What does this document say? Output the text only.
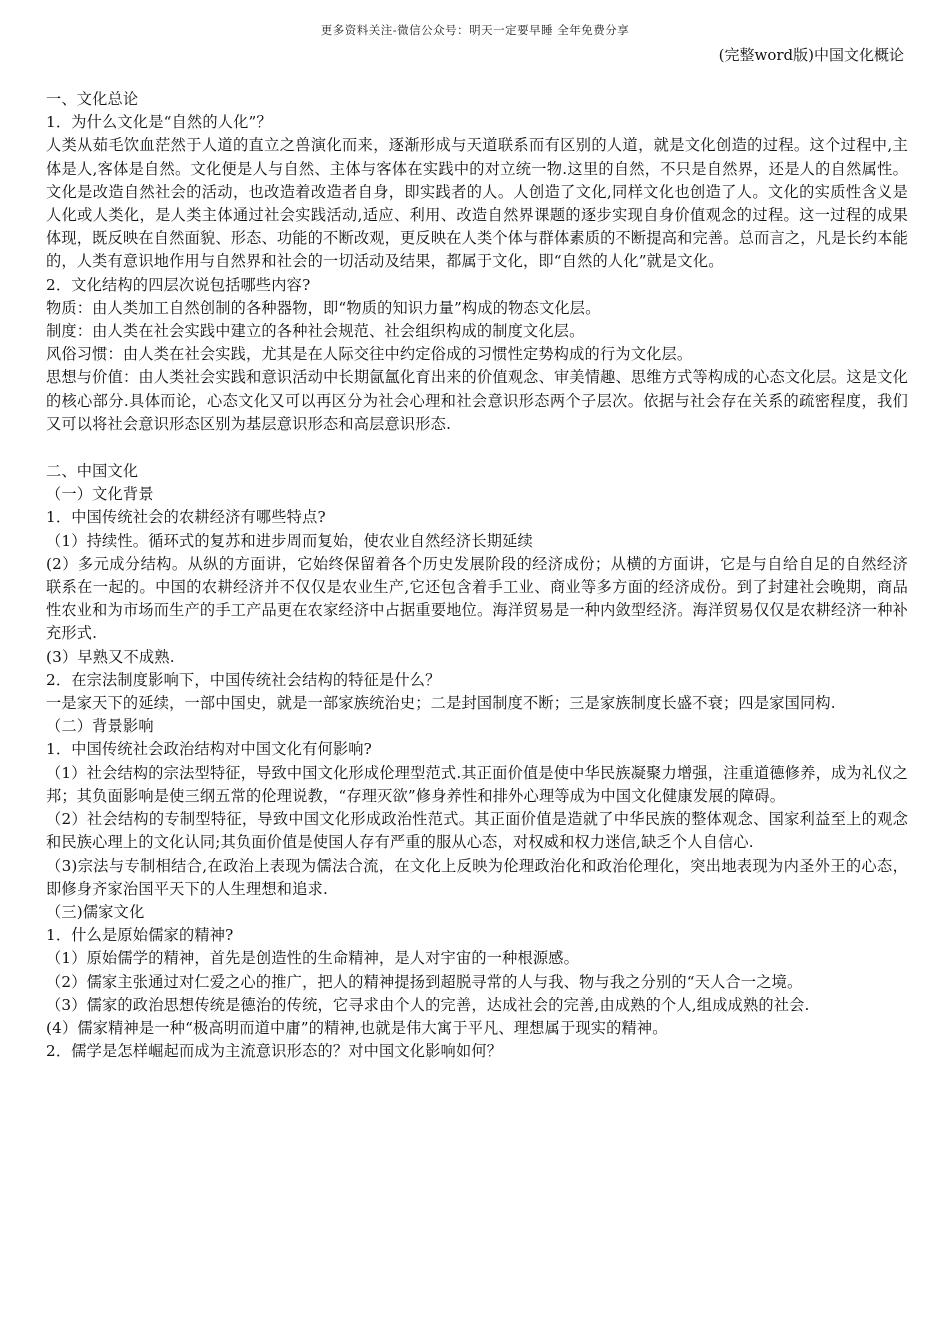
更多资料关注-微信公众号：明天一定要早睡 全年免费分享
(完整word版)中国文化概论

一、文化总论

1．为什么文化是“自然的人化”？

人类从茹毛饮血茫然于人道的直立之兽演化而来，逐渐形成与天道联系而有区别的人道，就是文化创造的过程。这个过程中,主体是人,客体是自然。文化便是人与自然、主体与客体在实践中的对立统一物.这里的自然，不只是自然界，还是人的自然属性。文化是改造自然社会的活动，也改造着改造者自身，即实践者的人。人创造了文化,同样文化也创造了人。文化的实质性含义是人化或人类化，是人类主体通过社会实践活动,适应、利用、改造自然界课题的逐步实现自身价值观念的过程。这一过程的成果体现，既反映在自然面貌、形态、功能的不断改观，更反映在人类个体与群体素质的不断提高和完善。总而言之，凡是长约本能的，人类有意识地作用与自然界和社会的一切活动及结果，都属于文化，即“自然的人化”就是文化。

2．文化结构的四层次说包括哪些内容?

物质：由人类加工自然创制的各种器物，即“物质的知识力量”构成的物态文化层。

制度：由人类在社会实践中建立的各种社会规范、社会组织构成的制度文化层。

风俗习惯：由人类在社会实践，尤其是在人际交往中约定俗成的习惯性定势构成的行为文化层。

思想与价值：由人类社会实践和意识活动中长期氤氲化育出来的价值观念、审美情趣、思维方式等构成的心态文化层。这是文化的核心部分.具体而论，心态文化又可以再区分为社会心理和社会意识形态两个子层次。依据与社会存在关系的疏密程度，我们又可以将社会意识形态区别为基层意识形态和高层意识形态.

二、中国文化

（一）文化背景

1．中国传统社会的农耕经济有哪些特点?

（1）持续性。循环式的复苏和进步周而复始，使农业自然经济长期延续

(2）多元成分结构。从纵的方面讲，它始终保留着各个历史发展阶段的经济成份；从横的方面讲，它是与自给自足的自然经济联系在一起的。中国的农耕经济并不仅仅是农业生产,它还包含着手工业、商业等多方面的经济成份。到了封建社会晚期，商品性农业和为市场而生产的手工产品更在农家经济中占据重要地位。海洋贸易是一种内敛型经济。海洋贸易仅仅是农耕经济一种补充形式.

(3）早熟又不成熟.

2．在宗法制度影响下，中国传统社会结构的特征是什么？

一是家天下的延续，一部中国史，就是一部家族统治史；二是封国制度不断；三是家族制度长盛不衰；四是家国同构.

（二）背景影响

1．中国传统社会政治结构对中国文化有何影响?

（1）社会结构的宗法型特征，导致中国文化形成伦理型范式.其正面价值是使中华民族凝聚力增强，注重道德修养，成为礼仪之邦；其负面影响是使三纲五常的伦理说教，“存理灭欲”修身养性和排外心理等成为中国文化健康发展的障碍。

（2）社会结构的专制型特征，导致中国文化形成政治性范式。其正面价值是造就了中华民族的整体观念、国家利益至上的观念和民族心理上的文化认同;其负面价值是使国人存有严重的服从心态，对权威和权力迷信,缺乏个人自信心.

（3)宗法与专制相结合,在政治上表现为儒法合流，在文化上反映为伦理政治化和政治伦理化，突出地表现为内圣外王的心态，即修身齐家治国平天下的人生理想和追求.

（三)儒家文化

1．什么是原始儒家的精神?

（1）原始儒学的精神，首先是创造性的生命精神，是人对宇宙的一种根源感。

（2）儒家主张通过对仁爱之心的推广，把人的精神提扬到超脱寻常的人与我、物与我之分别的“天人合一之境。

（3）儒家的政治思想传统是德治的传统，它寻求由个人的完善，达成社会的完善,由成熟的个人,组成成熟的社会.

(4）儒家精神是一种“极高明而道中庸”的精神,也就是伟大寓于平凡、理想属于现实的精神。

2．儒学是怎样崛起而成为主流意识形态的？对中国文化影响如何？
